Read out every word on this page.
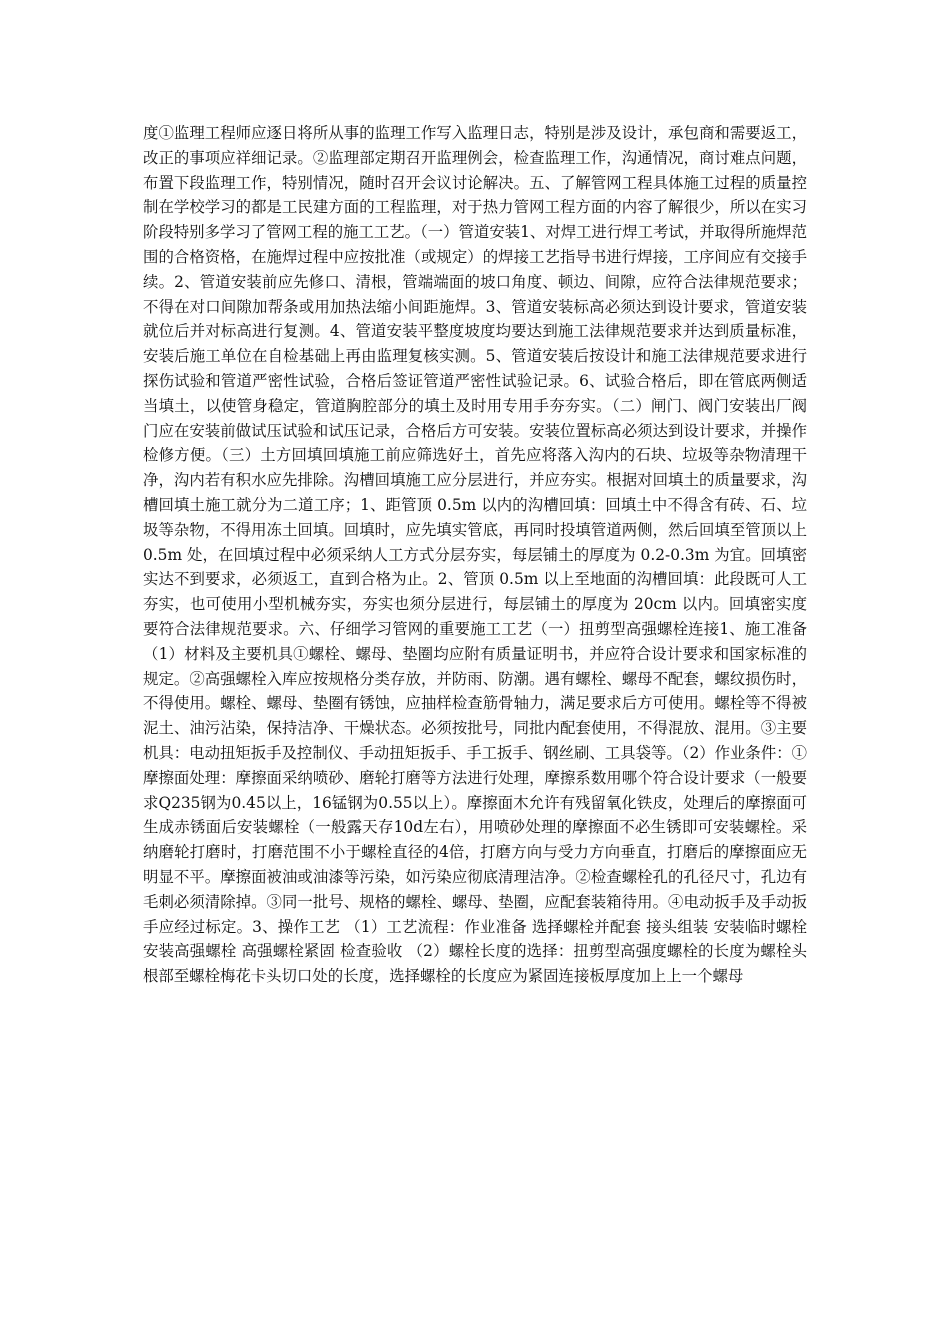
度①监理工程师应逐日将所从事的监理工作写入监理日志，特别是涉及设计，承包商和需要返工，改正的事项应祥细记录。②监理部定期召开监理例会，检查监理工作，沟通情况，商讨难点问题，布置下段监理工作，特别情况，随时召开会议讨论解决。五、了解管网工程具体施工过程的质量控制在学校学习的都是工民建方面的工程监理，对于热力管网工程方面的内容了解很少，所以在实习阶段特别多学习了管网工程的施工工艺。（一）管道安装1、对焊工进行焊工考试，并取得所施焊范围的合格资格，在施焊过程中应按批准（或规定）的焊接工艺指导书进行焊接，工序间应有交接手续。2、管道安装前应先修口、清根，管端端面的坡口角度、顿边、间隙，应符合法律规范要求；不得在对口间隙加帮条或用加热法缩小间距施焊。3、管道安装标高必须达到设计要求，管道安装就位后并对标高进行复测。4、管道安装平整度坡度均要达到施工法律规范要求并达到质量标准，安装后施工单位在自检基础上再由监理复核实测。5、管道安装后按设计和施工法律规范要求进行探伤试验和管道严密性试验，合格后签证管道严密性试验记录。6、试验合格后，即在管底两侧适当填土，以使管身稳定，管道胸腔部分的填土及时用专用手夯夯实。（二）闸门、阀门安装出厂阀门应在安装前做试压试验和试压记录，合格后方可安装。安装位置标高必须达到设计要求，并操作检修方便。（三）土方回填回填施工前应筛选好土，首先应将落入沟内的石块、垃圾等杂物清理干净，沟内若有积水应先排除。沟槽回填施工应分层进行，并应夯实。根据对回填土的质量要求，沟槽回填土施工就分为二道工序；1、距管顶 0.5m 以内的沟槽回填：回填土中不得含有砖、石、垃圾等杂物，不得用冻土回填。回填时，应先填实管底，再同时投填管道两侧，然后回填至管顶以上 0.5m 处，在回填过程中必须采纳人工方式分层夯实，每层铺土的厚度为 0.2-0.3m 为宜。回填密实达不到要求，必须返工，直到合格为止。2、管顶 0.5m 以上至地面的沟槽回填：此段既可人工夯实，也可使用小型机械夯实，夯实也须分层进行，每层铺土的厚度为 20cm 以内。回填密实度要符合法律规范要求。六、仔细学习管网的重要施工工艺（一）扭剪型高强螺栓连接1、施工准备（1）材料及主要机具①螺栓、螺母、垫圈均应附有质量证明书，并应符合设计要求和国家标准的规定。②高强螺栓入库应按规格分类存放，并防雨、防潮。遇有螺栓、螺母不配套，螺纹损伤时，不得使用。螺栓、螺母、垫圈有锈蚀，应抽样检查筋骨轴力，满足要求后方可使用。螺栓等不得被泥土、油污沾染，保持洁净、干燥状态。必须按批号，同批内配套使用，不得混放、混用。③主要机具：电动扭矩扳手及控制仪、手动扭矩扳手、手工扳手、钢丝刷、工具袋等。（2）作业条件：①摩擦面处理：摩擦面采纳喷砂、磨轮打磨等方法进行处理，摩擦系数用哪个符合设计要求（一般要求Q235钢为0.45以上，16锰钢为0.55以上）。摩擦面木允许有残留氧化铁皮，处理后的摩擦面可生成赤锈面后安装螺栓（一般露天存10d左右），用喷砂处理的摩擦面不必生锈即可安装螺栓。采纳磨轮打磨时，打磨范围不小于螺栓直径的4倍，打磨方向与受力方向垂直，打磨后的摩擦面应无明显不平。摩擦面被油或油漆等污染，如污染应彻底清理洁净。②检查螺栓孔的孔径尺寸，孔边有毛刺必须清除掉。③同一批号、规格的螺栓、螺母、垫圈，应配套装箱待用。④电动扳手及手动扳手应经过标定。3、操作工艺 （1）工艺流程：作业准备 选择螺栓并配套 接头组装 安装临时螺栓 安装高强螺栓 高强螺栓紧固 检查验收 （2）螺栓长度的选择：扭剪型高强度螺栓的长度为螺栓头根部至螺栓梅花卡头切口处的长度，选择螺栓的长度应为紧固连接板厚度加上上一个螺母
